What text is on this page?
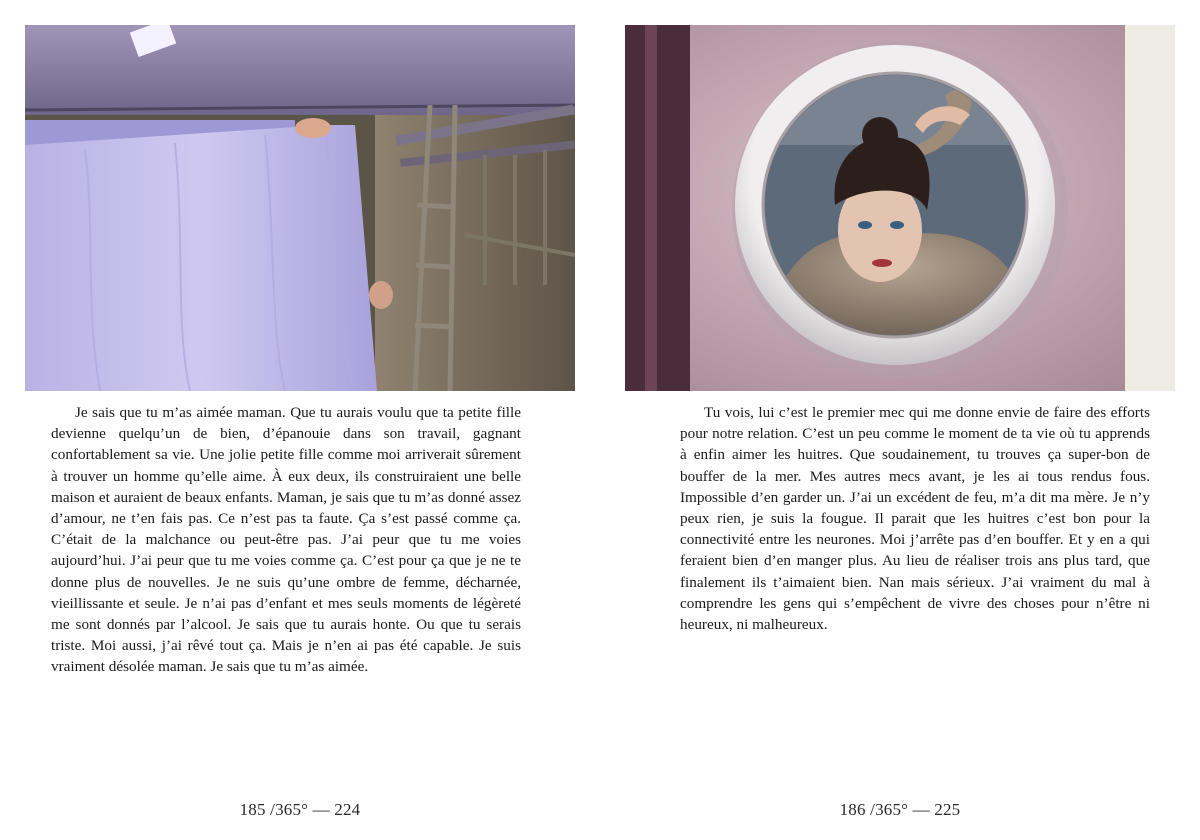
Je sais que tu m’as aimée maman. Que tu aurais voulu que ta petite fille devienne quelqu’un de bien, d’épanouie dans son travail, gagnant confortablement sa vie. Une jolie petite fille comme moi arriverait sûrement à trouver un homme qu’elle aime. À eux deux, ils construiraient une belle maison et auraient de beaux enfants. Maman, je sais que tu m’as donné assez d’amour, ne t’en fais pas. Ce n’est pas ta faute. Ça s’est passé comme ça. C’était de la malchance ou peut-être pas. J’ai peur que tu me voies aujourd’hui. J’ai peur que tu me voies comme ça. C’est pour ça que je ne te donne plus de nouvelles. Je ne suis qu’une ombre de femme, décharnée, vieillissante et seule. Je n’ai pas d’enfant et mes seuls moments de légèreté me sont donnés par l’alcool. Je sais que tu aurais honte. Ou que tu serais triste. Moi aussi, j’ai rêvé tout ça. Mais je n’en ai pas été capable. Je suis vraiment désolée maman. Je sais que tu m’as aimée.
185 /365° — 224
Tu vois, lui c’est le premier mec qui me donne envie de faire des efforts pour notre relation. C’est un peu comme le moment de ta vie où tu apprends à enfin aimer les huitres. Que soudainement, tu trouves ça super-bon de bouffer de la mer. Mes autres mecs avant, je les ai tous rendus fous. Impossible d’en garder un. J’ai un excédent de feu, m’a dit ma mère. Je n’y peux rien, je suis la fougue. Il parait que les huitres c’est bon pour la connectivité entre les neurones. Moi j’arrête pas d’en bouffer. Et y en a qui feraient bien d’en manger plus. Au lieu de réaliser trois ans plus tard, que finalement ils t’aimaient bien. Nan mais sérieux. J’ai vraiment du mal à comprendre les gens qui s’empêchent de vivre des choses pour n’être ni heureux, ni malheureux.
186 /365° — 225
